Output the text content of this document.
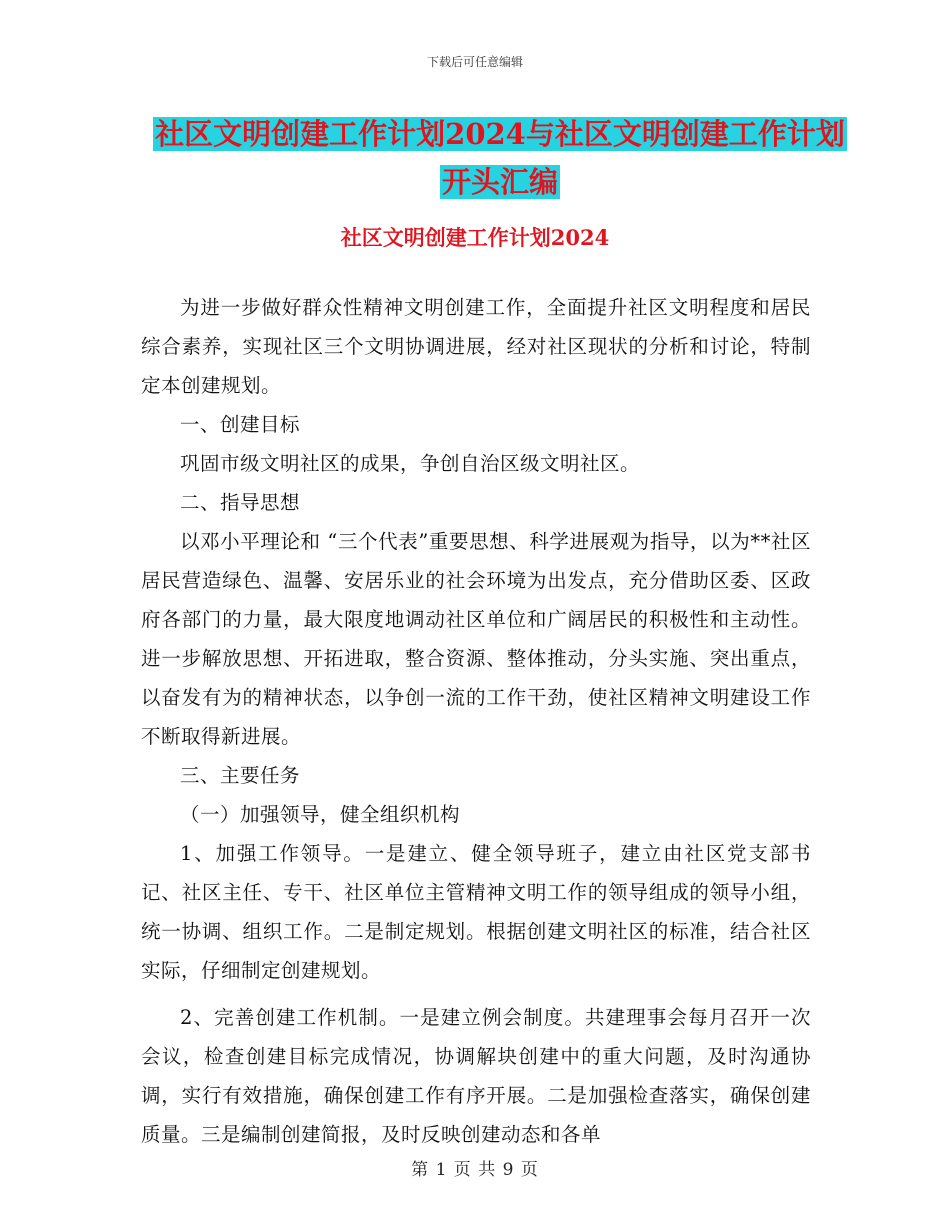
下载后可任意编辑
社区文明创建工作计划2024与社区文明创建工作计划
开头汇编
社区文明创建工作计划2024

为进一步做好群众性精神文明创建工作，全面提升社区文明程度和居民综合素养，实现社区三个文明协调进展，经对社区现状的分析和讨论，特制定本创建规划。

一、创建目标

巩固市级文明社区的成果，争创自治区级文明社区。

二、指导思想

以邓小平理论和 “三个代表”重要思想、科学进展观为指导，以为**社区居民营造绿色、温馨、安居乐业的社会环境为出发点，充分借助区委、区政府各部门的力量，最大限度地调动社区单位和广阔居民的积极性和主动性。进一步解放思想、开拓进取，整合资源、整体推动，分头实施、突出重点，以奋发有为的精神状态，以争创一流的工作干劲，使社区精神文明建设工作不断取得新进展。

三、主要任务

（一）加强领导，健全组织机构

1、加强工作领导。一是建立、健全领导班子，建立由社区党支部书记、社区主任、专干、社区单位主管精神文明工作的领导组成的领导小组，统一协调、组织工作。二是制定规划。根据创建文明社区的标准，结合社区实际，仔细制定创建规划。

2、完善创建工作机制。一是建立例会制度。共建理事会每月召开一次会议，检查创建目标完成情况，协调解块创建中的重大问题，及时沟通协调，实行有效措施，确保创建工作有序开展。二是加强检查落实，确保创建质量。三是编制创建简报，及时反映创建动态和各单

第 1 页 共 9 页
